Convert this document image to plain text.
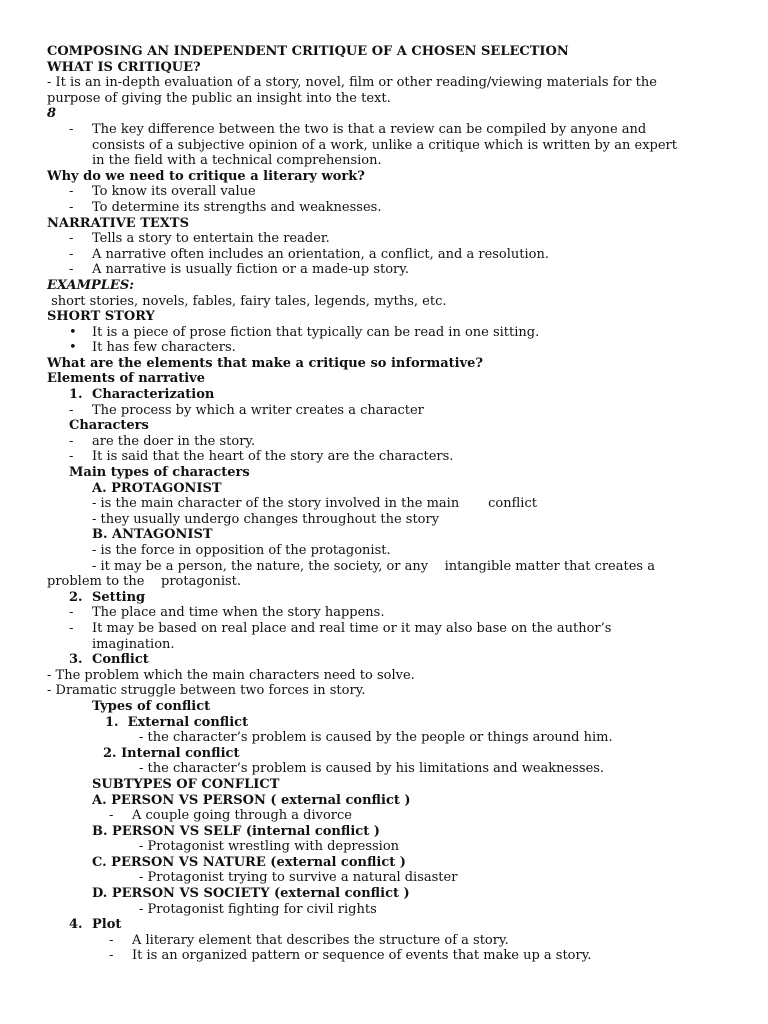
COMPOSING AN INDEPENDENT CRITIQUE OF A CHOSEN SELECTION
WHAT IS CRITIQUE?
- It is an in-depth evaluation of a story, novel, film or other reading/viewing materials for the
purpose of giving the public an insight into the text.
8
- The key difference between the two is that a review can be compiled by anyone and
consists of a subjective opinion of a work, unlike a critique which is written by an expert
in the field with a technical comprehension.
Why do we need to critique a literary work?
- To know its overall value
- To determine its strengths and weaknesses.
NARRATIVE TEXTS
- Tells a story to entertain the reader.
- A narrative often includes an orientation, a conflict, and a resolution.
- A narrative is usually fiction or a made-up story.
EXAMPLES:
short stories, novels, fables, fairy tales, legends, myths, etc.
SHORT STORY
• It is a piece of prose fiction that typically can be read in one sitting.
• It has few characters.
What are the elements that make a critique so informative?
Elements of narrative
1. Characterization
- The process by which a writer creates a character
Characters
- are the doer in the story.
- It is said that the heart of the story are the characters.
Main types of characters
A. PROTAGONIST
- is the main character of the story involved in the main       conflict
- they usually undergo changes throughout the story
B. ANTAGONIST
- is the force in opposition of the protagonist.
- it may be a person, the nature, the society, or any    intangible matter that creates a
problem to the    protagonist.
2. Setting
- The place and time when the story happens.
- It may be based on real place and real time or it may also base on the author’s
imagination.
3. Conflict
- The problem which the main characters need to solve.
- Dramatic struggle between two forces in story.
Types of conflict
1.  External conflict
- the character’s problem is caused by the people or things around him.
2. Internal conflict
- the character’s problem is caused by his limitations and weaknesses.
SUBTYPES OF CONFLICT
A. PERSON VS PERSON ( external conflict )
- A couple going through a divorce
B. PERSON VS SELF (internal conflict )
- Protagonist wrestling with depression
C. PERSON VS NATURE (external conflict )
- Protagonist trying to survive a natural disaster
D. PERSON VS SOCIETY (external conflict )
- Protagonist fighting for civil rights
4. Plot
- A literary element that describes the structure of a story.
- It is an organized pattern or sequence of events that make up a story.
